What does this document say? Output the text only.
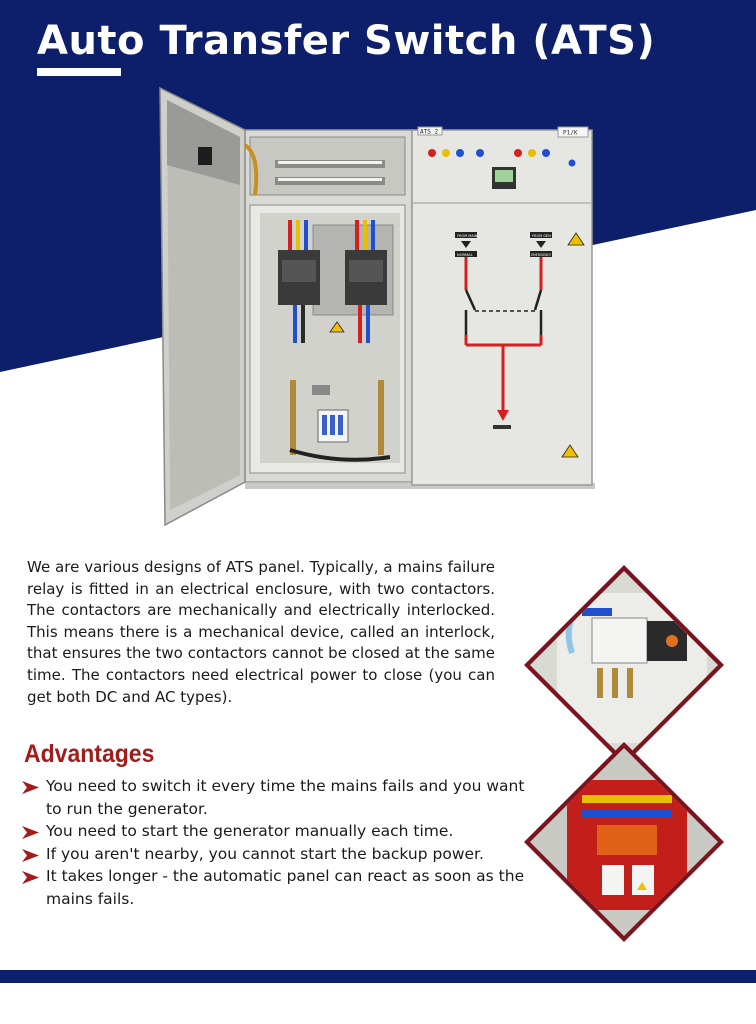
Auto Transfer Switch (ATS)
ATS 2	P1/K
FROM MAIN
NORMAL
FROM GEN
EMERGENCY

We are various designs of ATS panel. Typically, a mains failure relay is fitted in an electrical enclosure, with two contactors. The contactors are mechanically and electrically interlocked. This means there is a mechanical device, called an interlock, that ensures the two contactors cannot be closed at the same time. The contactors need electrical power to close (you can get both DC and AC types).

Advantages
You need to switch it every time the mains fails and you want to run the generator.
You need to start the generator manually each time.
If you aren't nearby, you cannot start the backup power.
It takes longer - the automatic panel can react as soon as the mains fails.
